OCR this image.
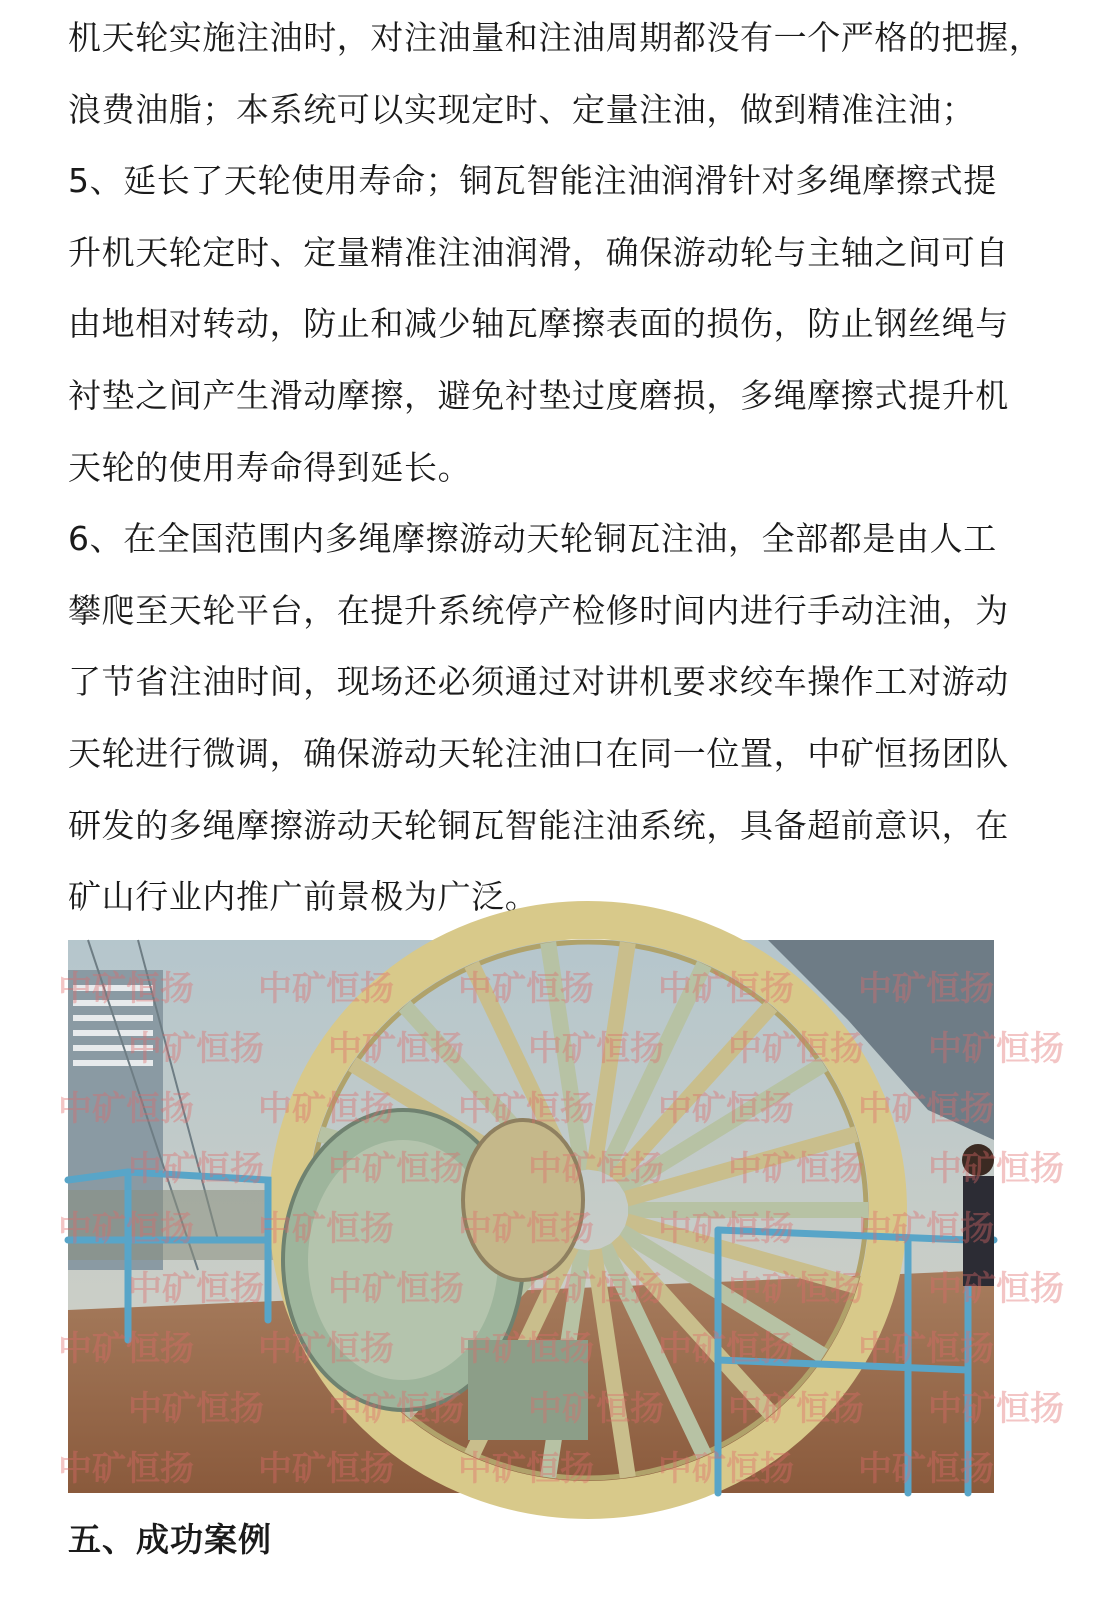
机天轮实施注油时，对注油量和注油周期都没有一个严格的把握，
浪费油脂；本系统可以实现定时、定量注油，做到精准注油；
5、延长了天轮使用寿命；铜瓦智能注油润滑针对多绳摩擦式提
升机天轮定时、定量精准注油润滑，确保游动轮与主轴之间可自
由地相对转动，防止和减少轴瓦摩擦表面的损伤，防止钢丝绳与
衬垫之间产生滑动摩擦，避免衬垫过度磨损，多绳摩擦式提升机
天轮的使用寿命得到延长。
6、在全国范围内多绳摩擦游动天轮铜瓦注油，全部都是由人工
攀爬至天轮平台，在提升系统停产检修时间内进行手动注油，为
了节省注油时间，现场还必须通过对讲机要求绞车操作工对游动
天轮进行微调，确保游动天轮注油口在同一位置，中矿恒扬团队
研发的多绳摩擦游动天轮铜瓦智能注油系统，具备超前意识，在
矿山行业内推广前景极为广泛。
中矿恒扬 中矿恒扬 中矿恒扬 中矿恒扬 中矿恒扬
中矿恒扬 中矿恒扬 中矿恒扬 中矿恒扬 中矿恒扬
中矿恒扬 中矿恒扬 中矿恒扬 中矿恒扬 中矿恒扬
中矿恒扬 中矿恒扬 中矿恒扬 中矿恒扬 中矿恒扬
中矿恒扬 中矿恒扬 中矿恒扬 中矿恒扬 中矿恒扬
中矿恒扬 中矿恒扬 中矿恒扬 中矿恒扬 中矿恒扬
中矿恒扬 中矿恒扬 中矿恒扬 中矿恒扬 中矿恒扬
中矿恒扬 中矿恒扬 中矿恒扬 中矿恒扬 中矿恒扬
中矿恒扬 中矿恒扬 中矿恒扬 中矿恒扬 中矿恒扬
五、成功案例
